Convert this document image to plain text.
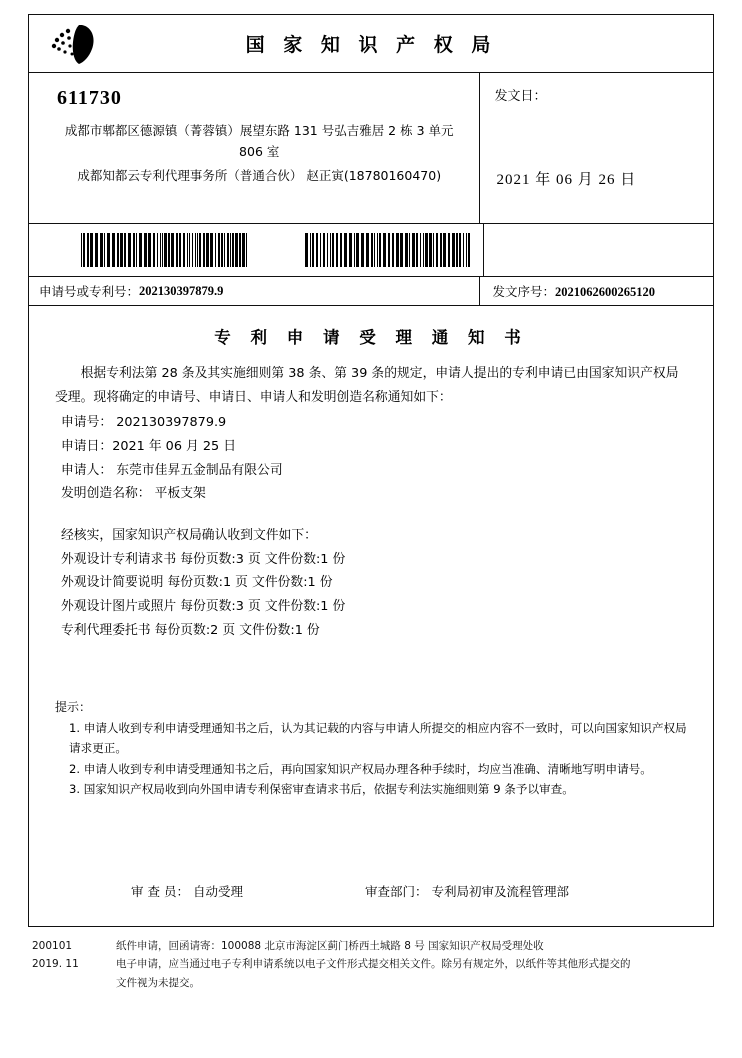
国 家 知 识 产 权 局
611730
成都市郫都区德源镇（菁蓉镇）展望东路 131 号弘吉雅居 2 栋 3 单元
806 室
成都知都云专利代理事务所（普通合伙） 赵正寅(18780160470)
发文日：
2021 年 06 月 26 日
申请号或专利号： 202130397879.9	发文序号：2021062600265120
专 利 申 请 受 理 通 知 书

根据专利法第 28 条及其实施细则第 38 条、第 39 条的规定，申请人提出的专利申请已由国家知识产权局受理。现将确定的申请号、申请日、申请人和发明创造名称通知如下：

申请号： 202130397879.9
申请日：2021 年 06 月 25 日
申请人： 东莞市佳昇五金制品有限公司
发明创造名称： 平板支架
经核实，国家知识产权局确认收到文件如下：
外观设计专利请求书 每份页数:3 页 文件份数:1 份
外观设计简要说明 每份页数:1 页 文件份数:1 份
外观设计图片或照片 每份页数:3 页 文件份数:1 份
专利代理委托书 每份页数:2 页 文件份数:1 份
提示：
1. 申请人收到专利申请受理通知书之后，认为其记载的内容与申请人所提交的相应内容不一致时，可以向国家知识产权局请求更正。
2. 申请人收到专利申请受理通知书之后，再向国家知识产权局办理各种手续时，均应当准确、清晰地写明申请号。
3. 国家知识产权局收到向外国申请专利保密审查请求书后，依据专利法实施细则第 9 条予以审查。
审 查 员： 自动受理	审查部门： 专利局初审及流程管理部
200101
2019. 11
纸件申请，回函请寄：100088 北京市海淀区蓟门桥西土城路 8 号 国家知识产权局受理处收
电子申请，应当通过电子专利申请系统以电子文件形式提交相关文件。除另有规定外，以纸件等其他形式提交的
文件视为未提交。
